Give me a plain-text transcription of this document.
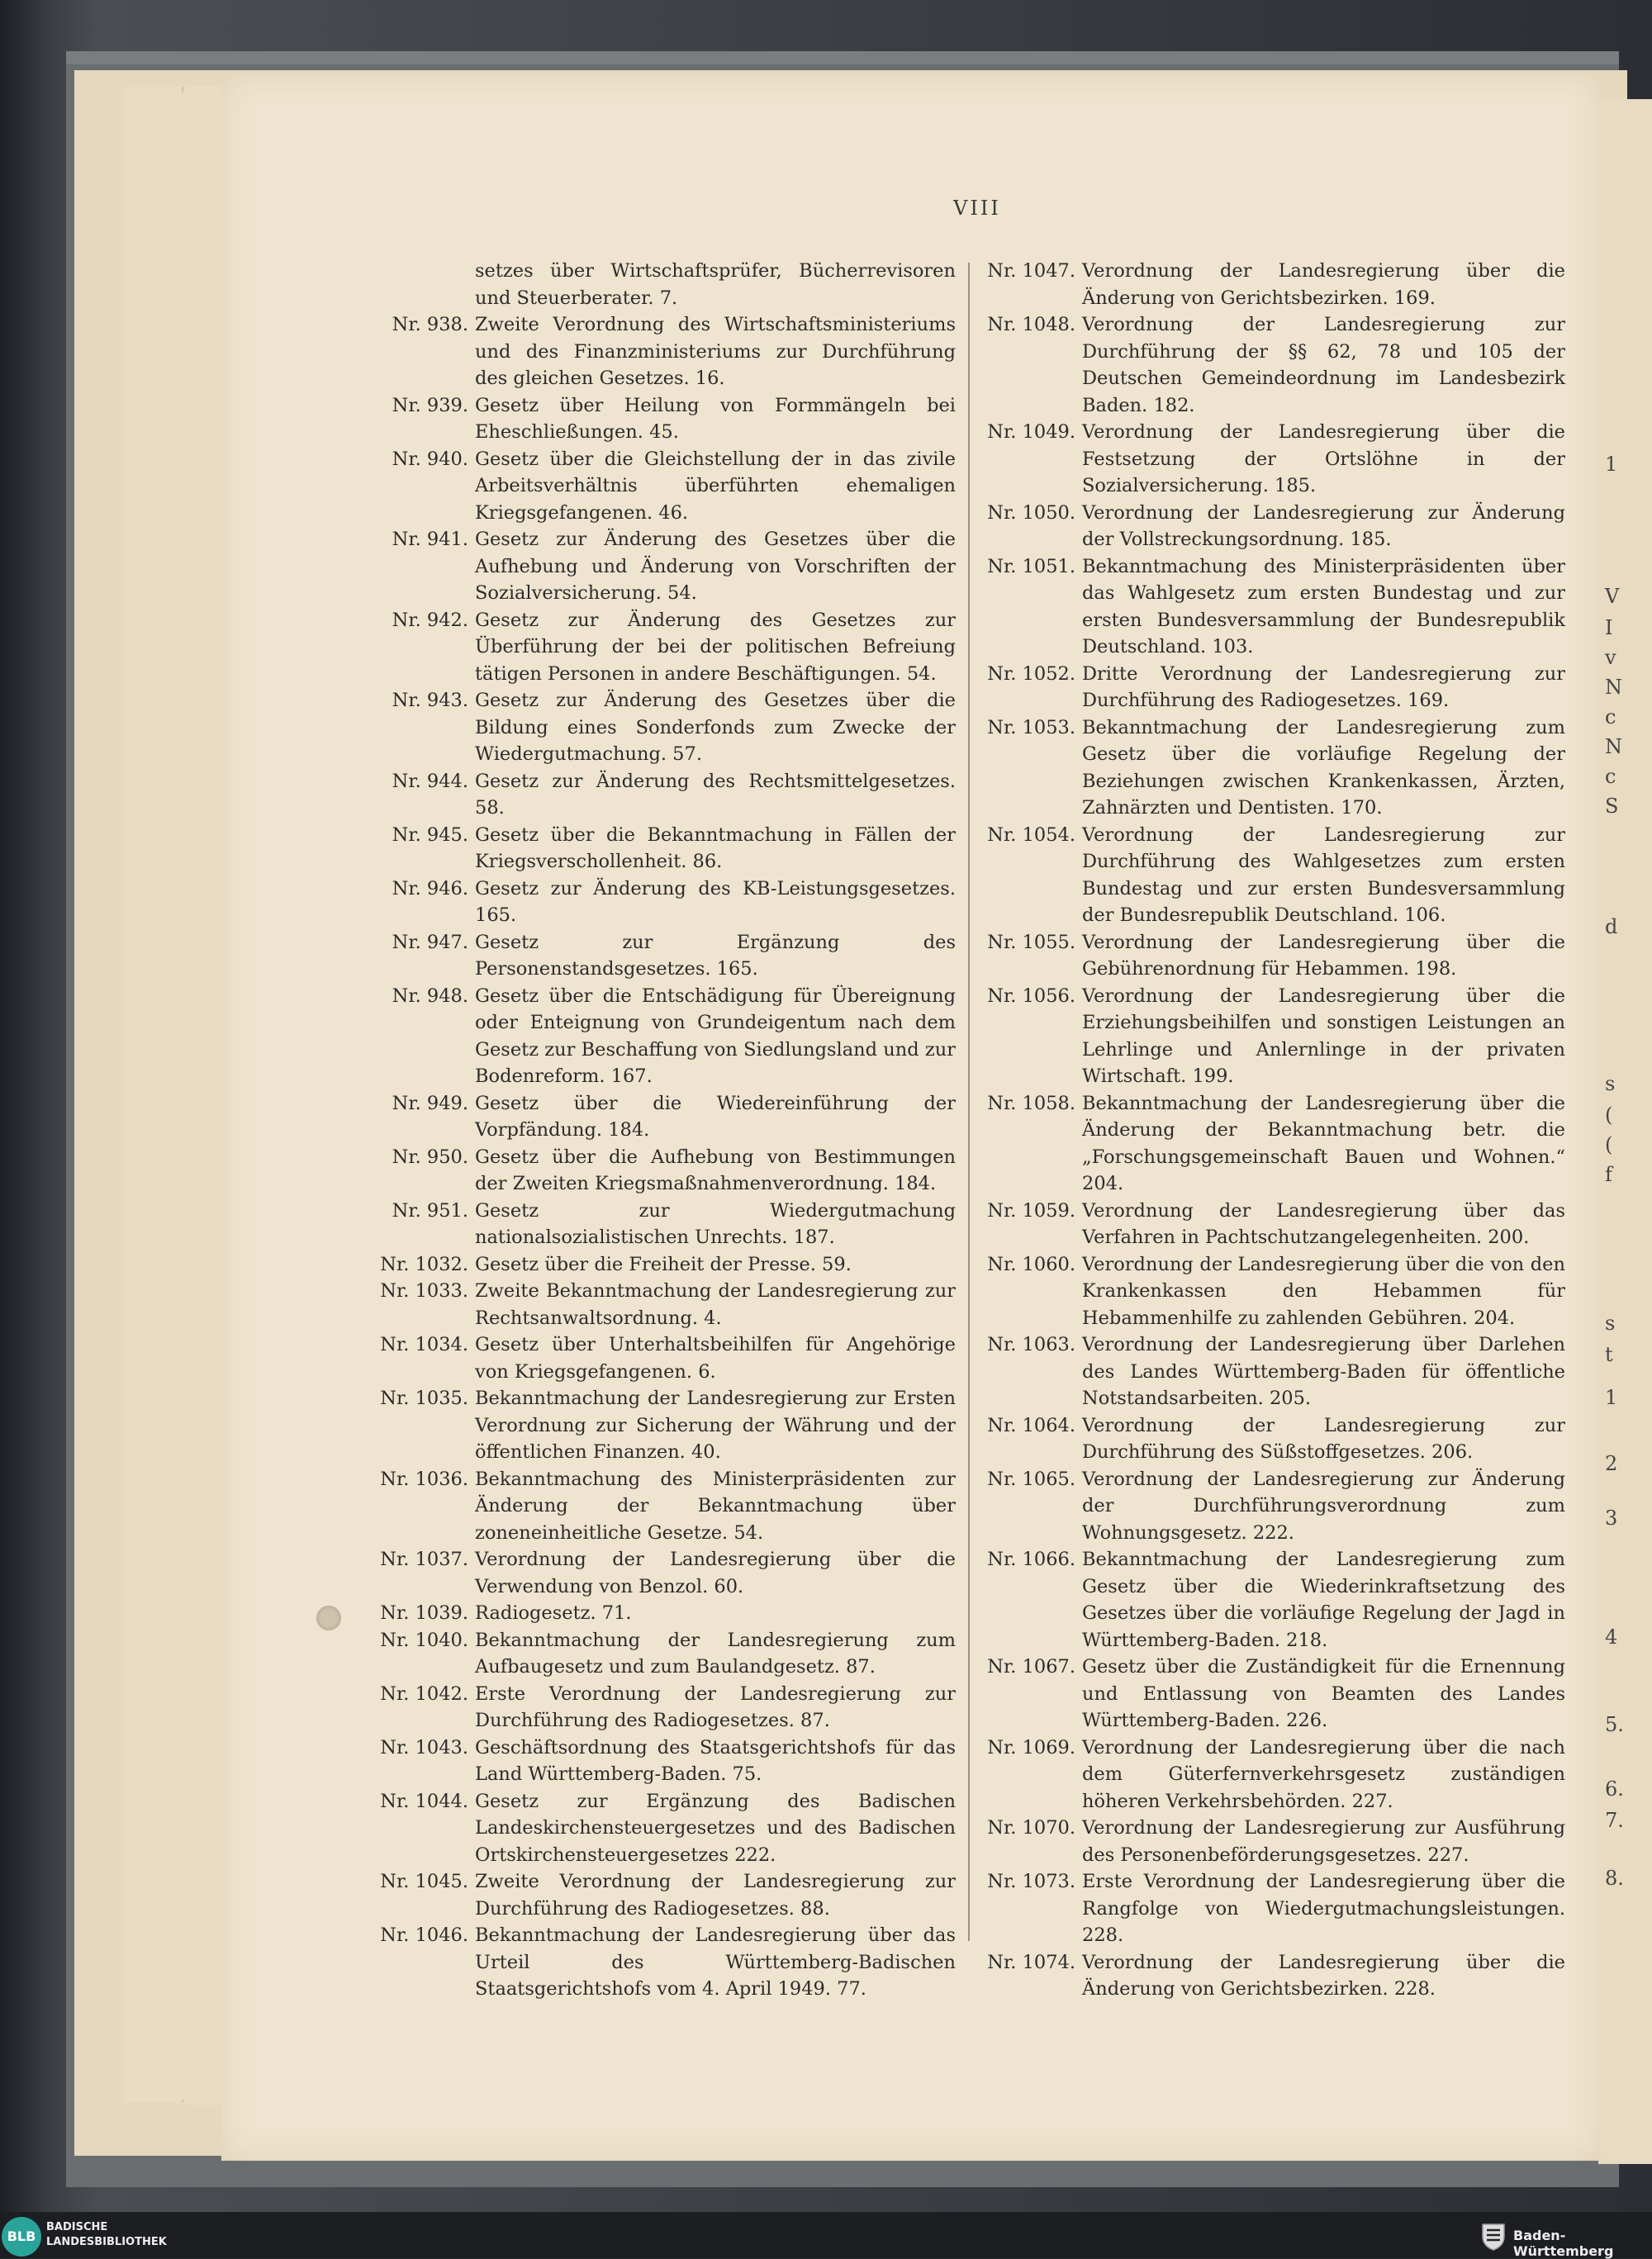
1
V
I
v
N
c
N
c
S
d
s
(
(
f
s
t
1
2
3
4
5.
6.
7.
8.
VIII
setzes über Wirtschaftsprüfer, Bücherrevisoren und Steuerberater. 7.
Nr. 938. Zweite Verordnung des Wirtschaftsministeriums und des Finanzministeriums zur Durchführung des gleichen Gesetzes. 16.
Nr. 939. Gesetz über Heilung von Formmängeln bei Eheschließungen. 45.
Nr. 940. Gesetz über die Gleichstellung der in das zivile Arbeitsverhältnis überführten ehemaligen Kriegsgefangenen. 46.
Nr. 941. Gesetz zur Änderung des Gesetzes über die Aufhebung und Änderung von Vorschriften der Sozialversicherung. 54.
Nr. 942. Gesetz zur Änderung des Gesetzes zur Überführung der bei der politischen Befreiung tätigen Personen in andere Beschäftigungen. 54.
Nr. 943. Gesetz zur Änderung des Gesetzes über die Bildung eines Sonderfonds zum Zwecke der Wiedergutmachung. 57.
Nr. 944. Gesetz zur Änderung des Rechtsmittelgesetzes. 58.
Nr. 945. Gesetz über die Bekanntmachung in Fällen der Kriegsverschollenheit. 86.
Nr. 946. Gesetz zur Änderung des KB-Leistungsgesetzes. 165.
Nr. 947. Gesetz zur Ergänzung des Personenstandsgesetzes. 165.
Nr. 948. Gesetz über die Entschädigung für Übereignung oder Enteignung von Grundeigentum nach dem Gesetz zur Beschaffung von Siedlungsland und zur Bodenreform. 167.
Nr. 949. Gesetz über die Wiedereinführung der Vorpfändung. 184.
Nr. 950. Gesetz über die Aufhebung von Bestimmungen der Zweiten Kriegsmaßnahmenverordnung. 184.
Nr. 951. Gesetz zur Wiedergutmachung nationalsozialistischen Unrechts. 187.
Nr. 1032. Gesetz über die Freiheit der Presse. 59.
Nr. 1033. Zweite Bekanntmachung der Landesregierung zur Rechtsanwaltsordnung. 4.
Nr. 1034. Gesetz über Unterhaltsbeihilfen für Angehörige von Kriegsgefangenen. 6.
Nr. 1035. Bekanntmachung der Landesregierung zur Ersten Verordnung zur Sicherung der Währung und der öffentlichen Finanzen. 40.
Nr. 1036. Bekanntmachung des Ministerpräsidenten zur Änderung der Bekanntmachung über zoneneinheitliche Gesetze. 54.
Nr. 1037. Verordnung der Landesregierung über die Verwendung von Benzol. 60.
Nr. 1039. Radiogesetz. 71.
Nr. 1040. Bekanntmachung der Landesregierung zum Aufbaugesetz und zum Baulandgesetz. 87.
Nr. 1042. Erste Verordnung der Landesregierung zur Durchführung des Radiogesetzes. 87.
Nr. 1043. Geschäftsordnung des Staatsgerichtshofs für das Land Württemberg-Baden. 75.
Nr. 1044. Gesetz zur Ergänzung des Badischen Landeskirchensteuergesetzes und des Badischen Ortskirchensteuergesetzes 222.
Nr. 1045. Zweite Verordnung der Landesregierung zur Durchführung des Radiogesetzes. 88.
Nr. 1046. Bekanntmachung der Landesregierung über das Urteil des Württemberg-Badischen Staatsgerichtshofs vom 4. April 1949. 77.
Nr. 1047. Verordnung der Landesregierung über die Änderung von Gerichtsbezirken. 169.
Nr. 1048. Verordnung der Landesregierung zur Durchführung der §§ 62, 78 und 105 der Deutschen Gemeindeordnung im Landesbezirk Baden. 182.
Nr. 1049. Verordnung der Landesregierung über die Festsetzung der Ortslöhne in der Sozialversicherung. 185.
Nr. 1050. Verordnung der Landesregierung zur Änderung der Vollstreckungsordnung. 185.
Nr. 1051. Bekanntmachung des Ministerpräsidenten über das Wahlgesetz zum ersten Bundestag und zur ersten Bundesversammlung der Bundesrepublik Deutschland. 103.
Nr. 1052. Dritte Verordnung der Landesregierung zur Durchführung des Radiogesetzes. 169.
Nr. 1053. Bekanntmachung der Landesregierung zum Gesetz über die vorläufige Regelung der Beziehungen zwischen Krankenkassen, Ärzten, Zahnärzten und Dentisten. 170.
Nr. 1054. Verordnung der Landesregierung zur Durchführung des Wahlgesetzes zum ersten Bundestag und zur ersten Bundesversammlung der Bundesrepublik Deutschland. 106.
Nr. 1055. Verordnung der Landesregierung über die Gebührenordnung für Hebammen. 198.
Nr. 1056. Verordnung der Landesregierung über die Erziehungsbeihilfen und sonstigen Leistungen an Lehrlinge und Anlernlinge in der privaten Wirtschaft. 199.
Nr. 1058. Bekanntmachung der Landesregierung über die Änderung der Bekanntmachung betr. die „Forschungsgemeinschaft Bauen und Wohnen.“ 204.
Nr. 1059. Verordnung der Landesregierung über das Verfahren in Pachtschutzangelegenheiten. 200.
Nr. 1060. Verordnung der Landesregierung über die von den Krankenkassen den Hebammen für Hebammenhilfe zu zahlenden Gebühren. 204.
Nr. 1063. Verordnung der Landesregierung über Darlehen des Landes Württemberg-Baden für öffentliche Notstandsarbeiten. 205.
Nr. 1064. Verordnung der Landesregierung zur Durchführung des Süßstoffgesetzes. 206.
Nr. 1065. Verordnung der Landesregierung zur Änderung der Durchführungsverordnung zum Wohnungsgesetz. 222.
Nr. 1066. Bekanntmachung der Landesregierung zum Gesetz über die Wiederinkraftsetzung des Gesetzes über die vorläufige Regelung der Jagd in Württemberg-Baden. 218.
Nr. 1067. Gesetz über die Zuständigkeit für die Ernennung und Entlassung von Beamten des Landes Württemberg-Baden. 226.
Nr. 1069. Verordnung der Landesregierung über die nach dem Güterfernverkehrsgesetz zuständigen höheren Verkehrsbehörden. 227.
Nr. 1070. Verordnung der Landesregierung zur Ausführung des Personenbeförderungsgesetzes. 227.
Nr. 1073. Erste Verordnung der Landesregierung über die Rangfolge von Wiedergutmachungsleistungen. 228.
Nr. 1074. Verordnung der Landesregierung über die Änderung von Gerichtsbezirken. 228.
BLB
BADISCHE
LANDESBIBLIOTHEK	Baden-Württemberg
